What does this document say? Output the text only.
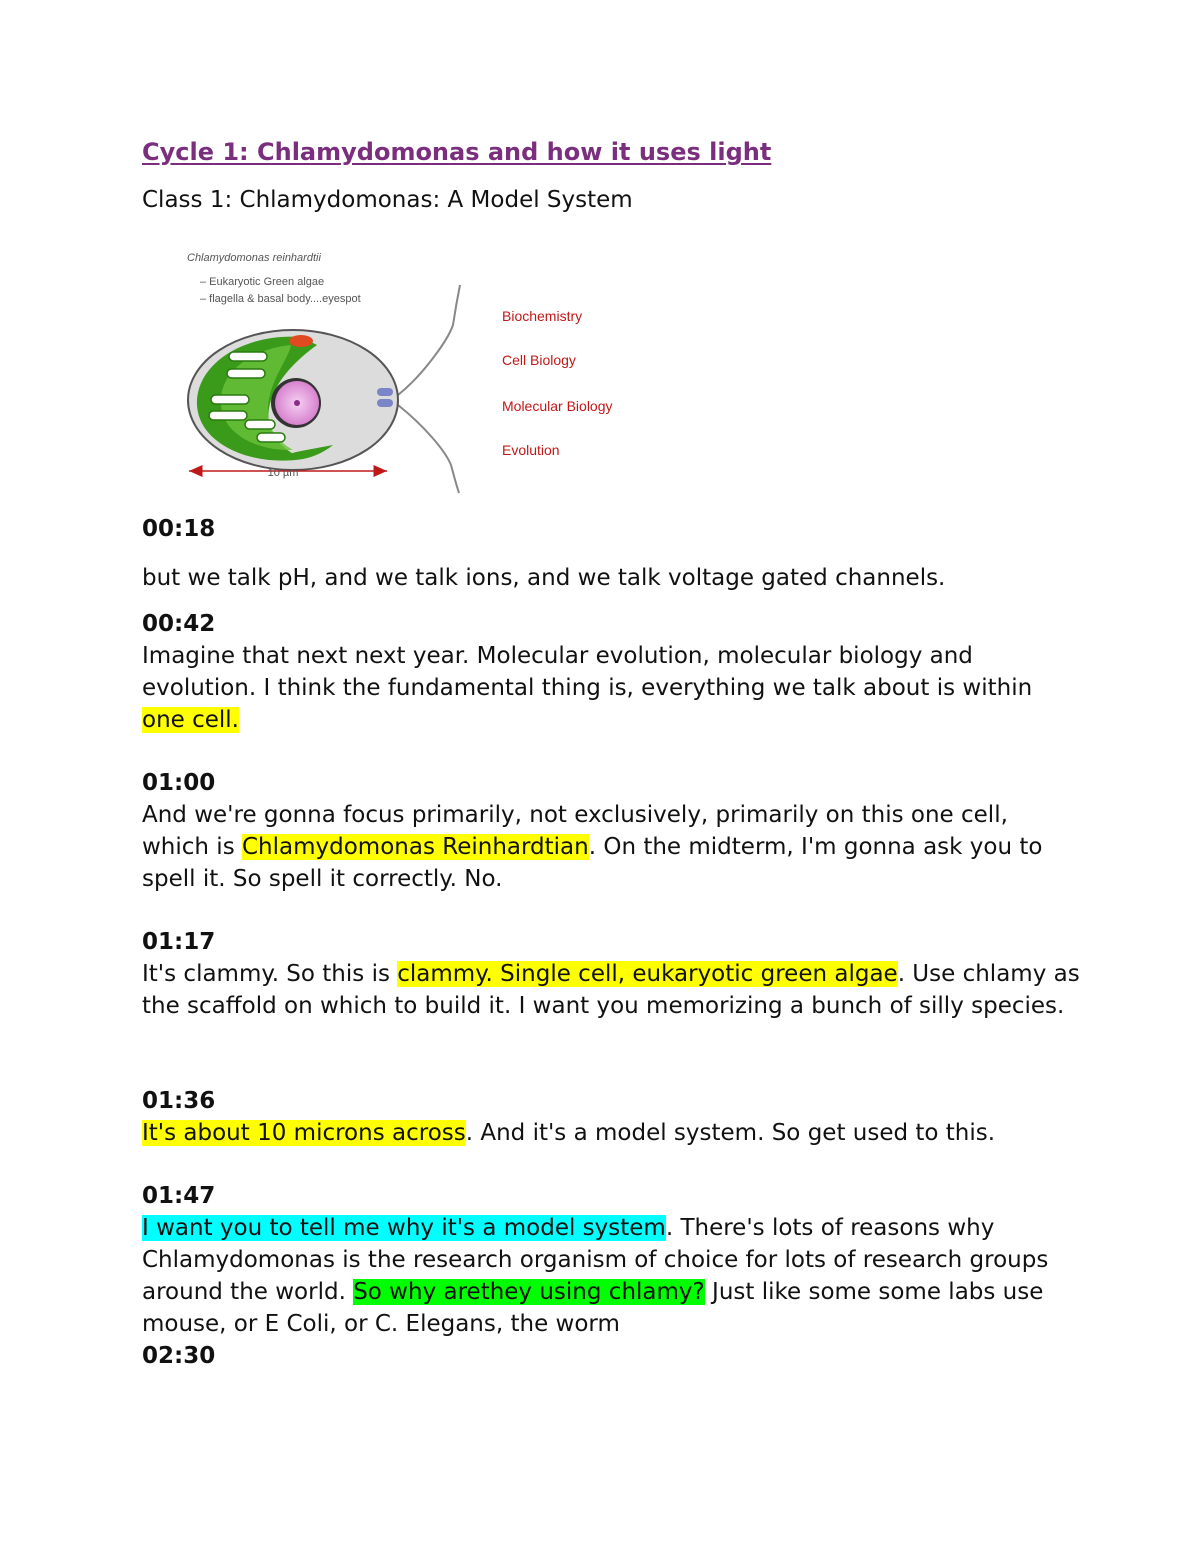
Cycle 1: Chlamydomonas and how it uses light
Class 1: Chlamydomonas: A Model System
Chlamydomonas reinhardtii
– Eukaryotic Green algae
– flagella & basal body....eyespot
10 µm
Biochemistry
Cell Biology
Molecular Biology
Evolution
00:18

but we talk pH, and we talk ions, and we talk voltage gated channels.

00:42

Imagine that next next year. Molecular evolution, molecular biology and evolution. I think the fundamental thing is, everything we talk about is within one cell.

01:00

And we're gonna focus primarily, not exclusively, primarily on this one cell, which is Chlamydomonas Reinhardtian. On the midterm, I'm gonna ask you to spell it. So spell it correctly. No.

01:17

It's clammy. So this is clammy. Single cell, eukaryotic green algae. Use chlamy as the scaffold on which to build it. I want you memorizing a bunch of silly species.

01:36

It's about 10 microns across. And it's a model system. So get used to this.

01:47

I want you to tell me why it's a model system. There's lots of reasons why Chlamydomonas is the research organism of choice for lots of research groups around the world. So why arethey using chlamy? Just like some some labs use mouse, or E Coli, or C. Elegans, the worm

02:30
